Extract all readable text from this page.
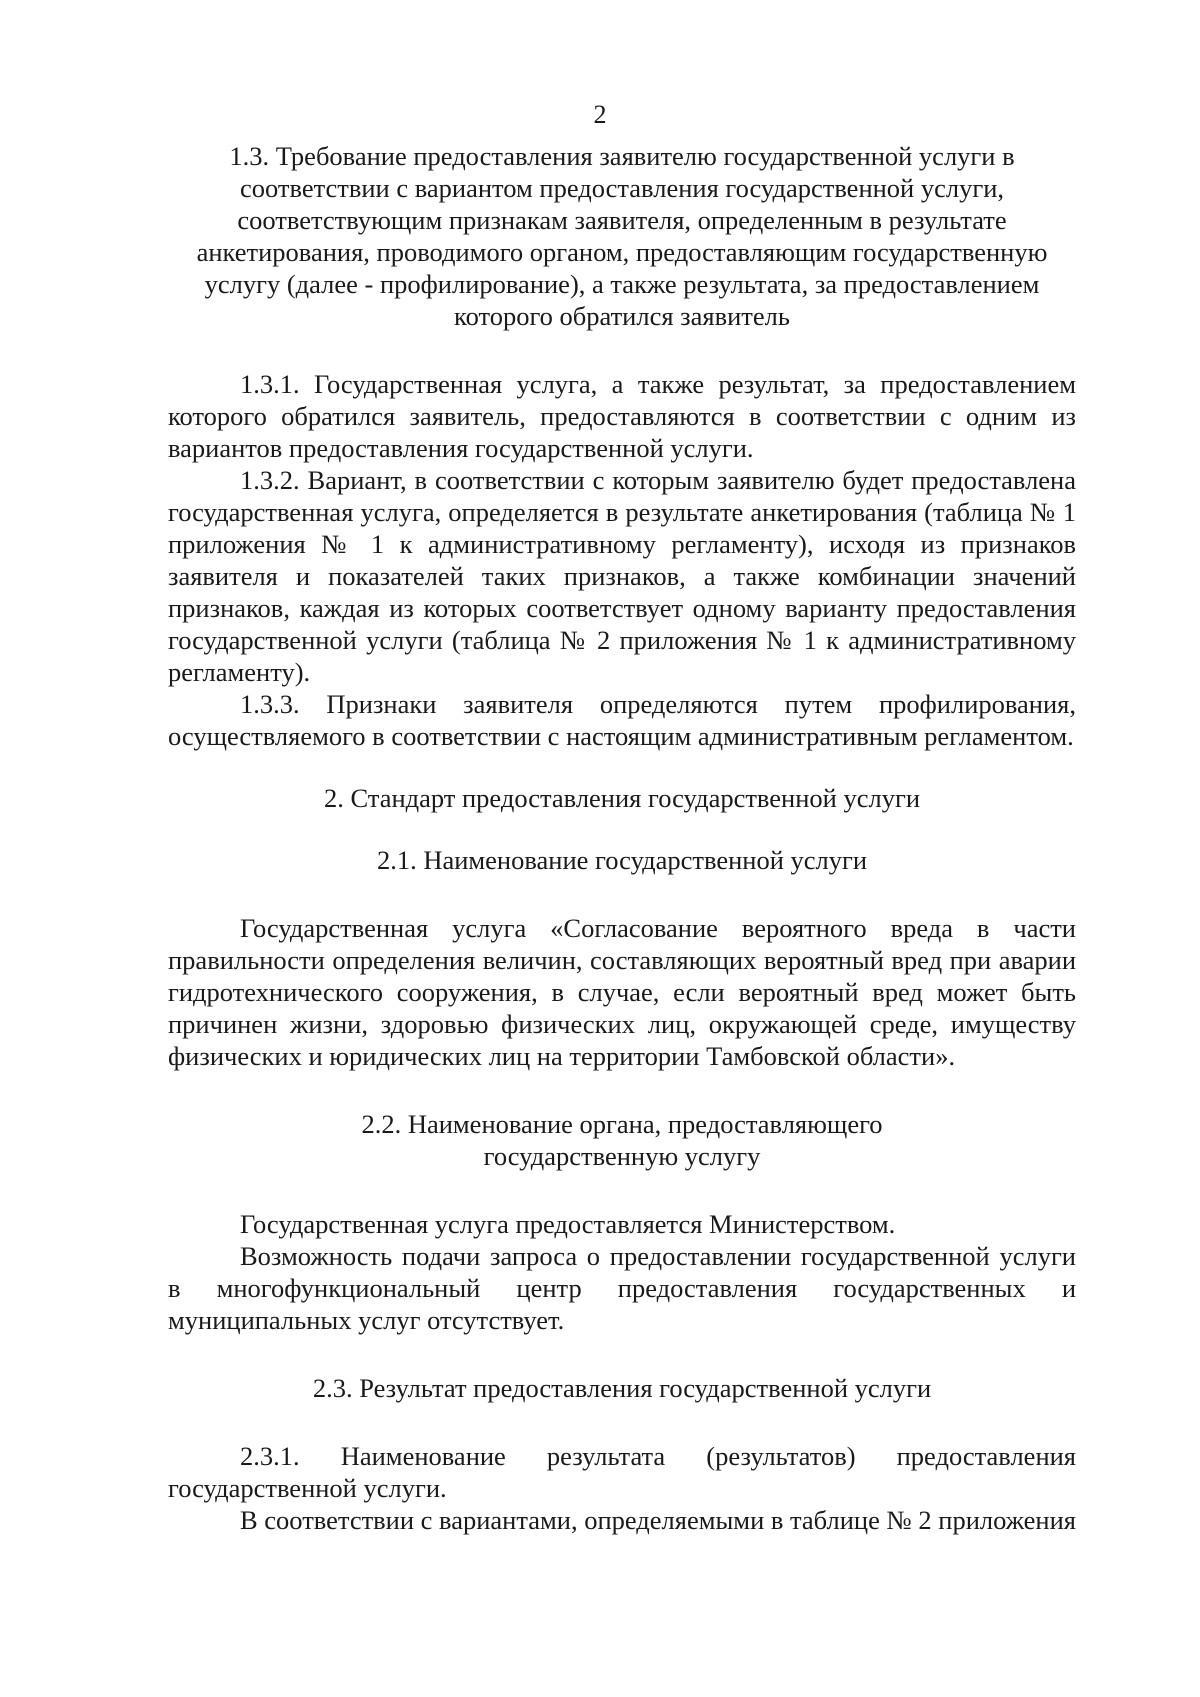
2
1.3. Требование предоставления заявителю государственной услуги в соответствии с вариантом предоставления государственной услуги, соответствующим признакам заявителя, определенным в результате анкетирования, проводимого органом, предоставляющим государственную услугу (далее - профилирование), а также результата, за предоставлением которого обратился заявитель

1.3.1. Государственная услуга, а также результат, за предоставлением которого обратился заявитель, предоставляются в соответствии с одним из вариантов предоставления государственной услуги.

1.3.2. Вариант, в соответствии с которым заявителю будет предоставлена государственная услуга, определяется в результате анкетирования (таблица № 1 приложения № 1 к административному регламенту), исходя из признаков заявителя и показателей таких признаков, а также комбинации значений признаков, каждая из которых соответствует одному варианту предоставления государственной услуги (таблица № 2 приложения № 1 к административному регламенту).

1.3.3. Признаки заявителя определяются путем профилирования, осуществляемого в соответствии с настоящим административным регламентом.

2. Стандарт предоставления государственной услуги
2.1. Наименование государственной услуги

Государственная услуга «Согласование вероятного вреда в части правильности определения величин, составляющих вероятный вред при аварии гидротехнического сооружения, в случае, если вероятный вред может быть причинен жизни, здоровью физических лиц, окружающей среде, имуществу физических и юридических лиц на территории Тамбовской области».

2.2. Наименование органа, предоставляющего
государственную услугу

Государственная услуга предоставляется Министерством.

Возможность подачи запроса о предоставлении государственной услуги в многофункциональный центр предоставления государственных и муниципальных услуг отсутствует.

2.3. Результат предоставления государственной услуги

2.3.1. Наименование результата (результатов) предоставления государственной услуги.

В соответствии с вариантами, определяемыми в таблице № 2 приложения
